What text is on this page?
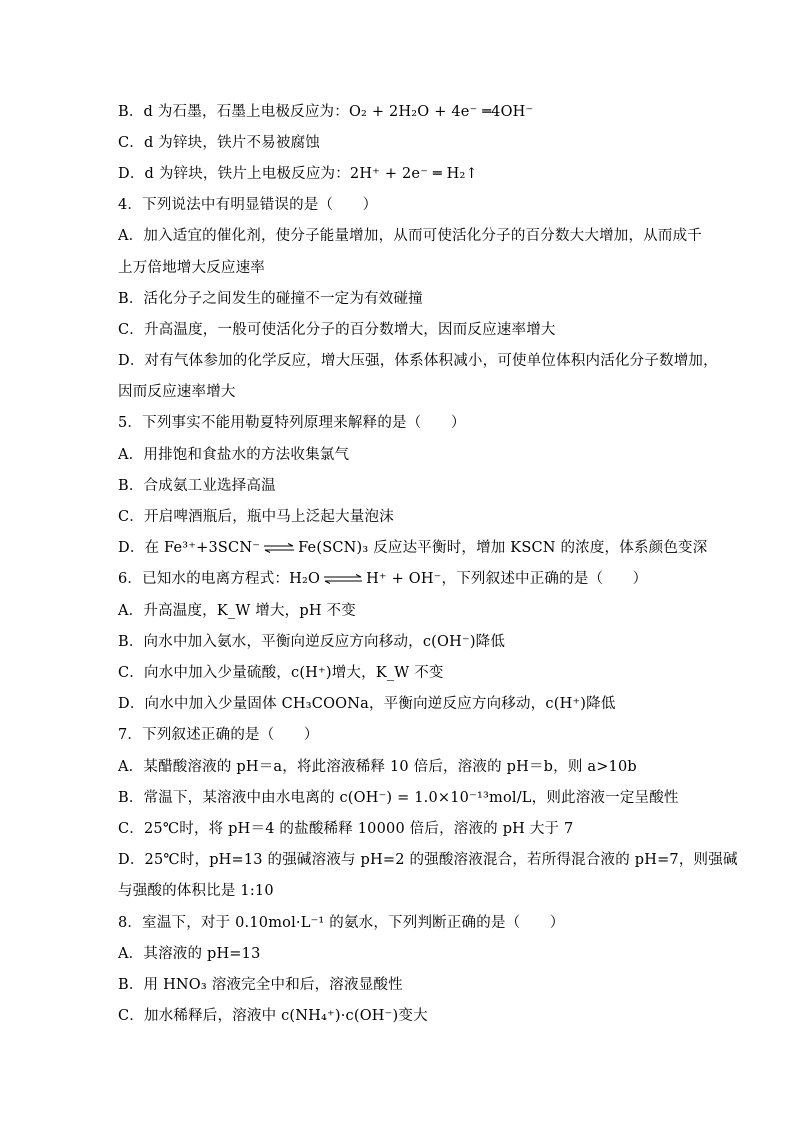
B．d 为石墨，石墨上电极反应为：O₂ + 2H₂O + 4e⁻ ═4OH⁻
C．d 为锌块，铁片不易被腐蚀
D．d 为锌块，铁片上电极反应为：2H⁺ + 2e⁻ ═ H₂↑
4．下列说法中有明显错误的是（　　）
A．加入适宜的催化剂，使分子能量增加，从而可使活化分子的百分数大大增加，从而成千
上万倍地增大反应速率
B．活化分子之间发生的碰撞不一定为有效碰撞
C．升高温度，一般可使活化分子的百分数增大，因而反应速率增大
D．对有气体参加的化学反应，增大压强，体系体积减小，可使单位体积内活化分子数增加，
因而反应速率增大
5．下列事实不能用勒夏特列原理来解释的是（　　）
A．用排饱和食盐水的方法收集氯气
B．合成氨工业选择高温
C．开启啤酒瓶后，瓶中马上泛起大量泡沫
D．在 Fe³⁺+3SCN⁻ ⇌ Fe(SCN)₃ 反应达平衡时，增加 KSCN 的浓度，体系颜色变深
6．已知水的电离方程式：H₂O ⇌ H⁺ + OH⁻，下列叙述中正确的是（　　）
A．升高温度，K_W 增大，pH 不变
B．向水中加入氨水，平衡向逆反应方向移动，c(OH⁻)降低
C．向水中加入少量硫酸，c(H⁺)增大，K_W 不变
D．向水中加入少量固体 CH₃COONa，平衡向逆反应方向移动，c(H⁺)降低
7．下列叙述正确的是（　　）
A．某醋酸溶液的 pH＝a，将此溶液稀释 10 倍后，溶液的 pH＝b，则 a>10b
B．常温下，某溶液中由水电离的 c(OH⁻) = 1.0×10⁻¹³mol/L，则此溶液一定呈酸性
C．25℃时，将 pH＝4 的盐酸稀释 10000 倍后，溶液的 pH 大于 7
D．25℃时，pH=13 的强碱溶液与 pH=2 的强酸溶液混合，若所得混合液的 pH=7，则强碱
与强酸的体积比是 1:10
8．室温下，对于 0.10mol·L⁻¹ 的氨水，下列判断正确的是（　　）
A．其溶液的 pH=13
B．用 HNO₃ 溶液完全中和后，溶液显酸性
C．加水稀释后，溶液中 c(NH₄⁺)·c(OH⁻)变大
